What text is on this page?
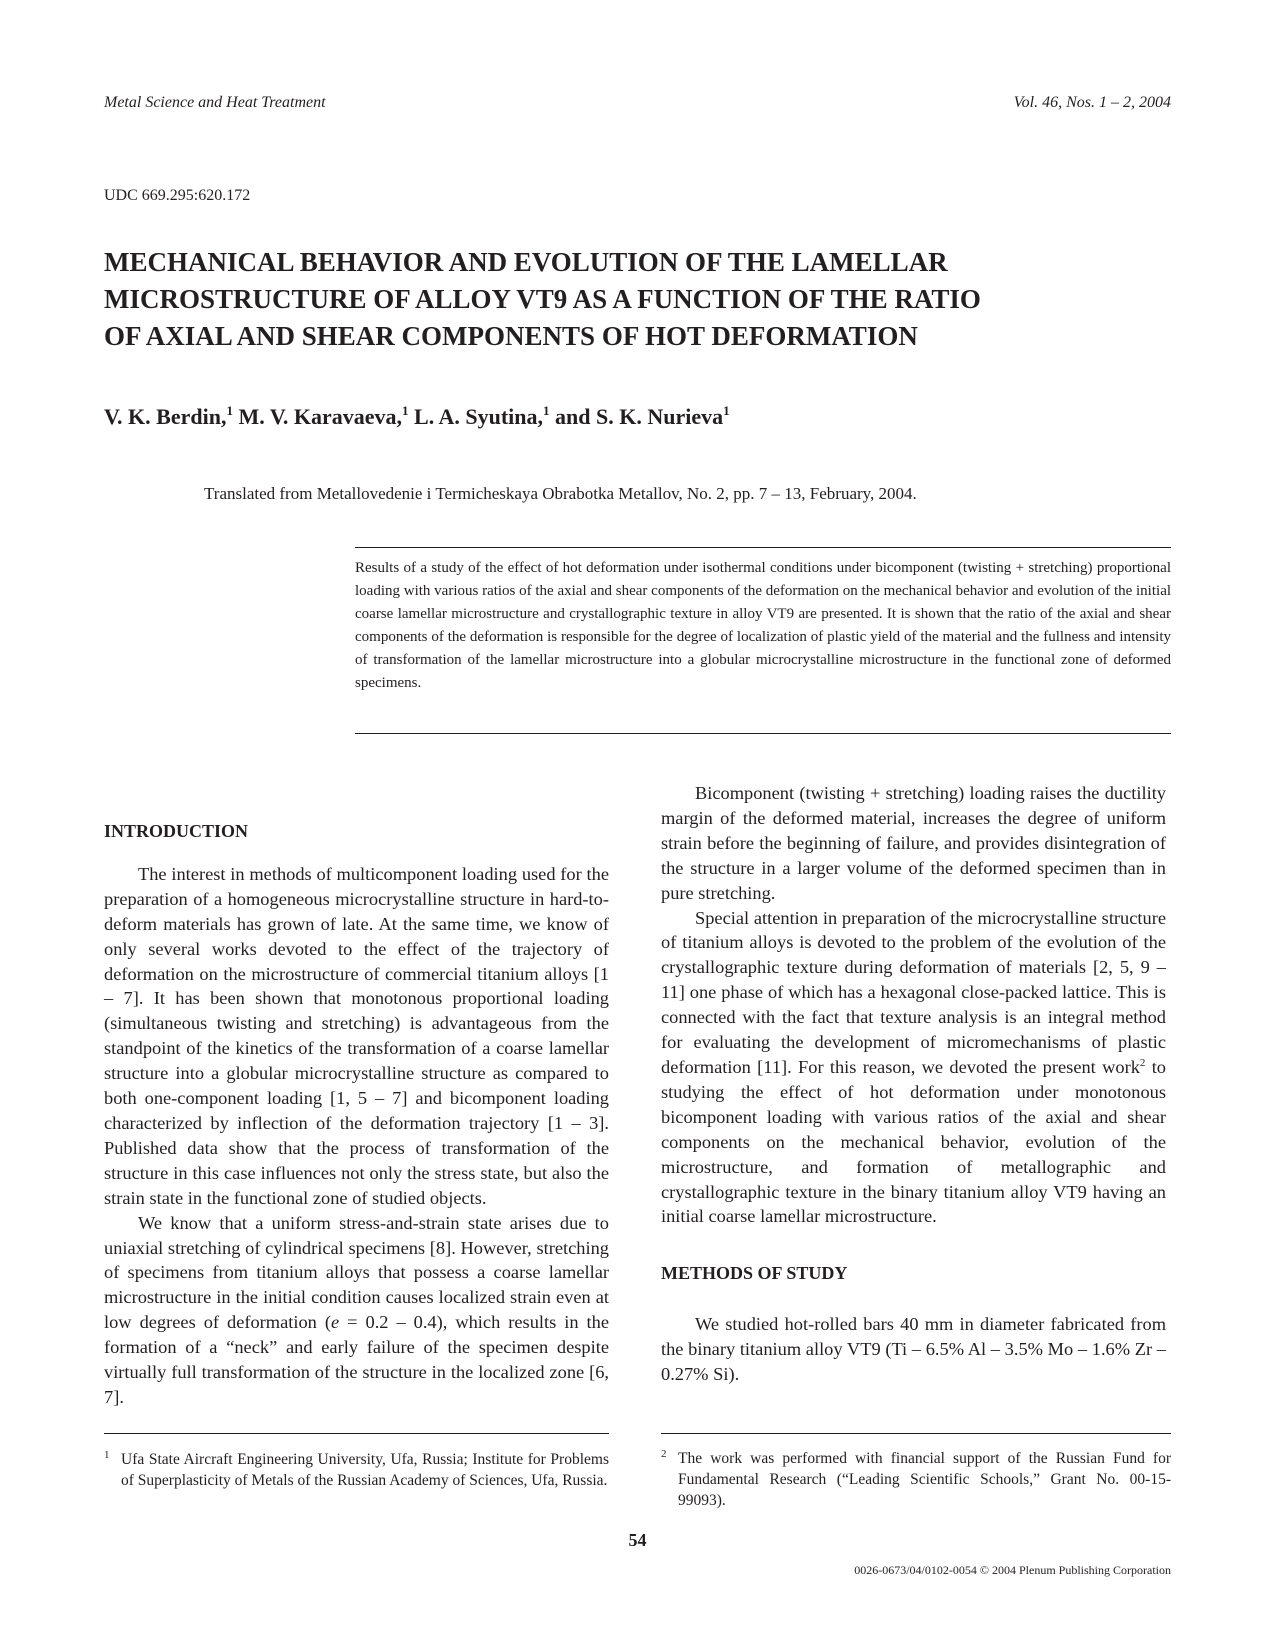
Metal Science and Heat Treatment	Vol. 46, Nos. 1 – 2, 2004
UDC 669.295:620.172
MECHANICAL BEHAVIOR AND EVOLUTION OF THE LAMELLAR
MICROSTRUCTURE OF ALLOY VT9 AS A FUNCTION OF THE RATIO
OF AXIAL AND SHEAR COMPONENTS OF HOT DEFORMATION
V. K. Berdin,$^1$ M. V. Karavaeva,$^1$ L. A. Syutina,$^1$ and S. K. Nurieva$^1$
Translated from Metallovedenie i Termicheskaya Obrabotka Metallov, No. 2, pp. 7 – 13, February, 2004.
Results of a study of the effect of hot deformation under isothermal conditions under bicomponent (twisting + stretching) proportional loading with various ratios of the axial and shear components of the deformation on the mechanical behavior and evolution of the initial coarse lamellar microstructure and crystallographic texture in alloy VT9 are presented. It is shown that the ratio of the axial and shear components of the deformation is responsible for the degree of localization of plastic yield of the material and the fullness and intensity of transformation of the lamellar microstructure into a globular microcrystalline microstructure in the functional zone of deformed specimens.
INTRODUCTION

The interest in methods of multicomponent loading used for the preparation of a homogeneous microcrystalline structure in hard-to-deform materials has grown of late. At the same time, we know of only several works devoted to the effect of the trajectory of deformation on the microstructure of commercial titanium alloys [1 – 7]. It has been shown that monotonous proportional loading (simultaneous twisting and stretching) is advantageous from the standpoint of the kinetics of the transformation of a coarse lamellar structure into a globular microcrystalline structure as compared to both one-component loading [1, 5 – 7] and bicomponent loading characterized by inflection of the deformation trajectory [1 – 3]. Published data show that the process of transformation of the structure in this case influences not only the stress state, but also the strain state in the functional zone of studied objects.

We know that a uniform stress-and-strain state arises due to uniaxial stretching of cylindrical specimens [8]. However, stretching of specimens from titanium alloys that possess a coarse lamellar microstructure in the initial condition causes localized strain even at low degrees of deformation (e = 0.2 – 0.4), which results in the formation of a “neck” and early failure of the specimen despite virtually full transformation of the structure in the localized zone [6, 7].

Bicomponent (twisting + stretching) loading raises the ductility margin of the deformed material, increases the degree of uniform strain before the beginning of failure, and provides disintegration of the structure in a larger volume of the deformed specimen than in pure stretching.

Special attention in preparation of the microcrystalline structure of titanium alloys is devoted to the problem of the evolution of the crystallographic texture during deformation of materials [2, 5, 9 – 11] one phase of which has a hexagonal close-packed lattice. This is connected with the fact that texture analysis is an integral method for evaluating the development of micromechanisms of plastic deformation [11]. For this reason, we devoted the present work$^2$ to studying the effect of hot deformation under monotonous bicomponent loading with various ratios of the axial and shear components on the mechanical behavior, evolution of the microstructure, and formation of metallographic and crystallographic texture in the binary titanium alloy VT9 having an initial coarse lamellar microstructure.

METHODS OF STUDY

We studied hot-rolled bars 40 mm in diameter fabricated from the binary titanium alloy VT9 (Ti – 6.5% Al – 3.5% Mo – 1.6% Zr – 0.27% Si).

1 Ufa State Aircraft Engineering University, Ufa, Russia; Institute for Problems of Superplasticity of Metals of the Russian Academy of Sciences, Ufa, Russia.
2 The work was performed with financial support of the Russian Fund for Fundamental Research (“Leading Scientific Schools,” Grant No. 00-15-99093).
54
0026-0673/04/0102-0054 © 2004 Plenum Publishing Corporation
